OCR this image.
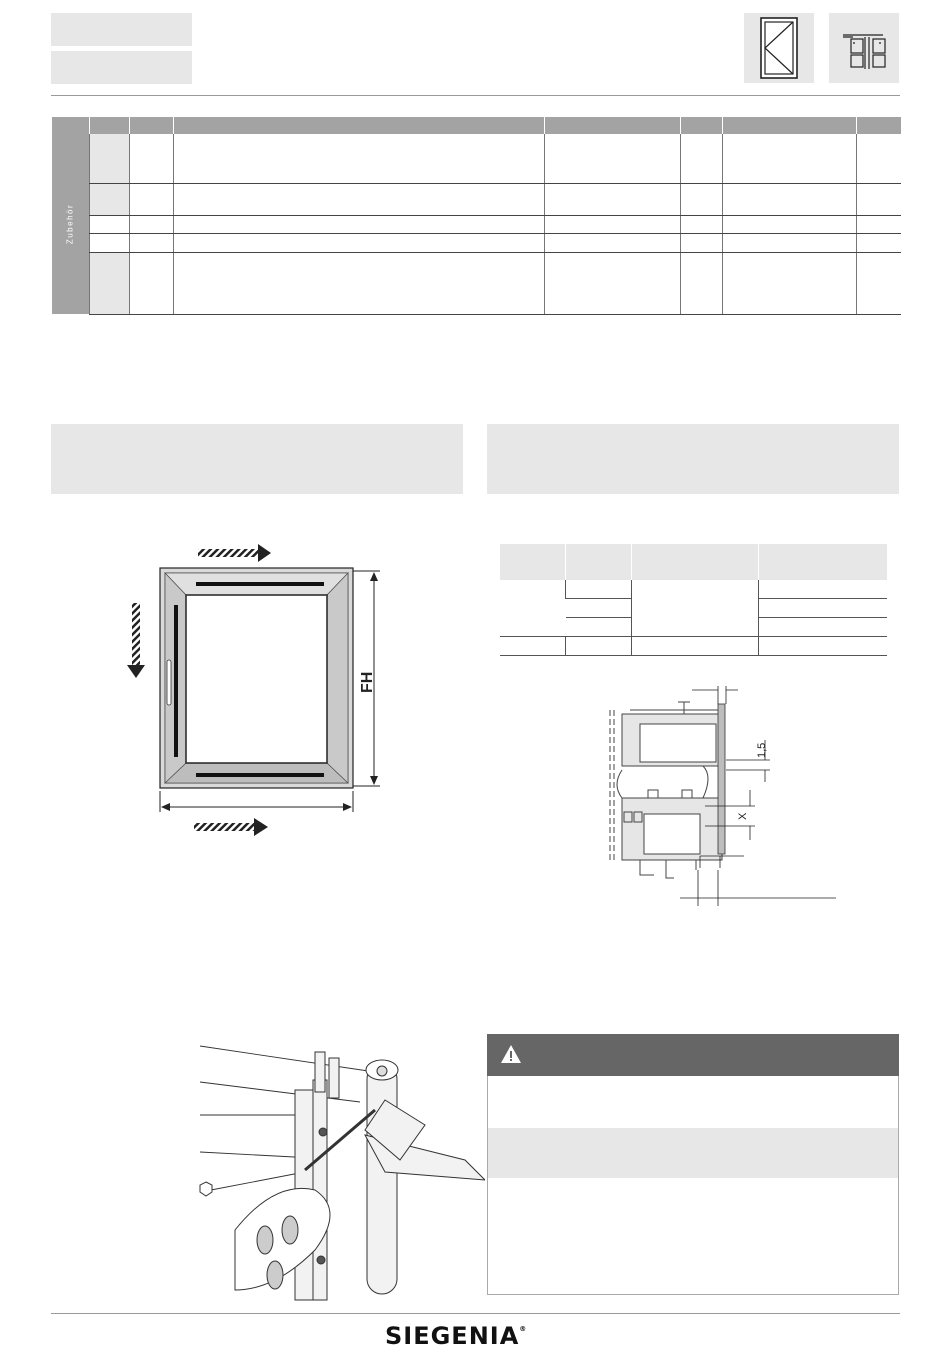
Zubehör							

FH

1,5
X
SIEGENIA®
